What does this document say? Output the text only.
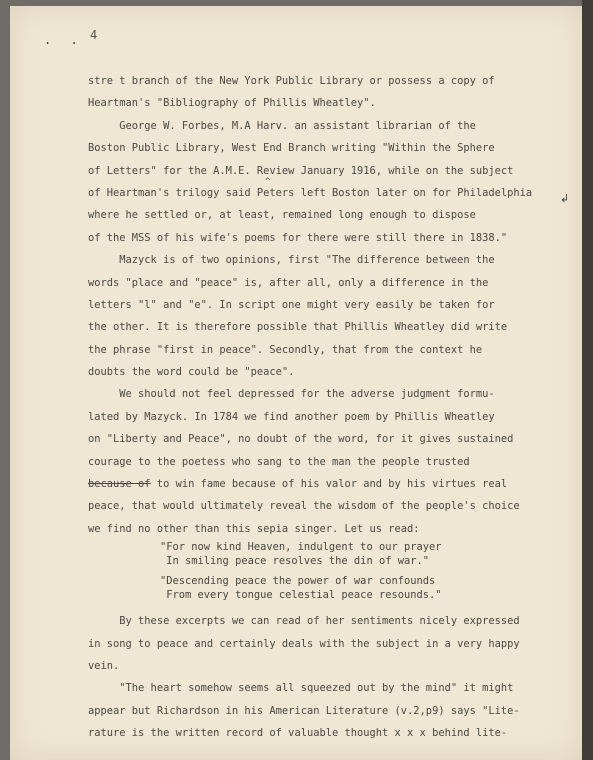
. . 4
^
↲
stre t branch of the New York Public Library or possess a copy of
Heartman's "Bibliography of Phillis Wheatley".
George W. Forbes, M.A Harv. an assistant librarian of the
Boston Public Library, West End Branch writing "Within the Sphere
of Letters" for the A.M.E. Review January 1916, while on the subject
of Heartman's trilogy said Peters left Boston later on for Philadelphia
where he settled or, at least, remained long enough to dispose
of the MSS of his wife's poems for there were still there in 1838."
Mazyck is of two opinions, first "The difference between the
words "place and "peace" is, after all, only a difference in the
letters "l" and "e". In script one might very easily be taken for
the other. It is therefore possible that Phillis Wheatley did write
the phrase "first in peace". Secondly, that from the context he
doubts the word could be "peace".
We should not feel depressed for the adverse judgment formu-
lated by Mazyck. In 1784 we find another poem by Phillis Wheatley
on "Liberty and Peace", no doubt of the word, for it gives sustained
courage to the poetess who sang to the man the people trusted
because of to win fame because of his valor and by his virtues real
peace, that would ultimately reveal the wisdom of the people's choice
we find no other than this sepia singer. Let us read:
"For now kind Heaven, indulgent to our prayer
In smiling peace resolves the din of war."
"Descending peace the power of war confounds
From every tongue celestial peace resounds."
By these excerpts we can read of her sentiments nicely expressed
in song to peace and certainly deals with the subject in a very happy
vein.
"The heart somehow seems all squeezed out by the mind" it might
appear but Richardson in his American Literature (v.2,p9) says "Lite-
rature is the written record of valuable thought x x x behind lite-
